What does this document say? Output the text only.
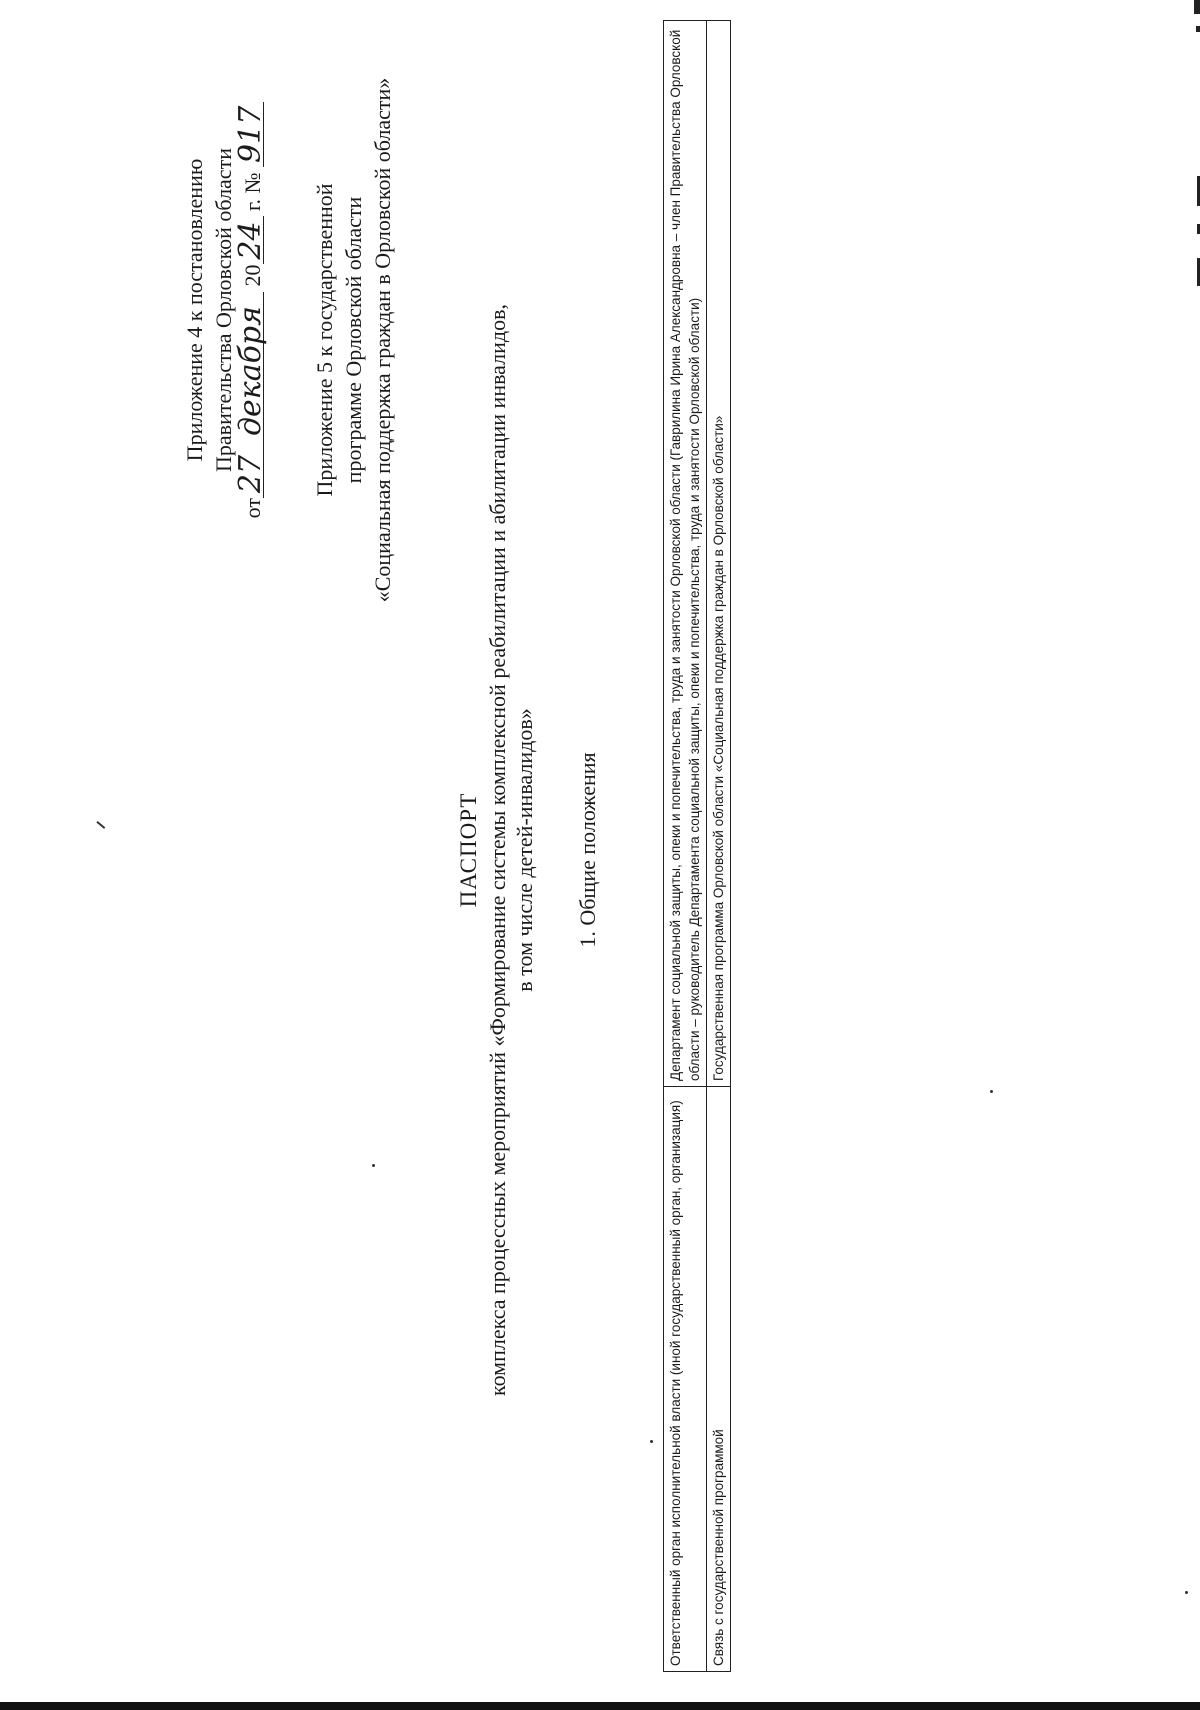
Приложение 4 к постановлению Правительства Орловской области
от27декабря 2024 г. № 917
Приложение 5 к государственной программе Орловской области «Социальная поддержка граждан в Орловской области»
ПАСПОРТ комплекса процессных мероприятий «Формирование системы комплексной реабилитации и абилитации инвалидов, в том числе детей-инвалидов» 1. Общие положения
Ответственный орган исполнительной власти (иной государственный орган, организация)	Департамент социальной защиты, опеки и попечительства, труда и занятости Орловской области (Гаврилина Ирина Александровна – член Правительства Орловской области – руководитель Департамента социальной защиты, опеки и попечительства, труда и занятости Орловской области)
Связь с государственной программой	Государственная программа Орловской области «Социальная поддержка граждан в Орловской области»
